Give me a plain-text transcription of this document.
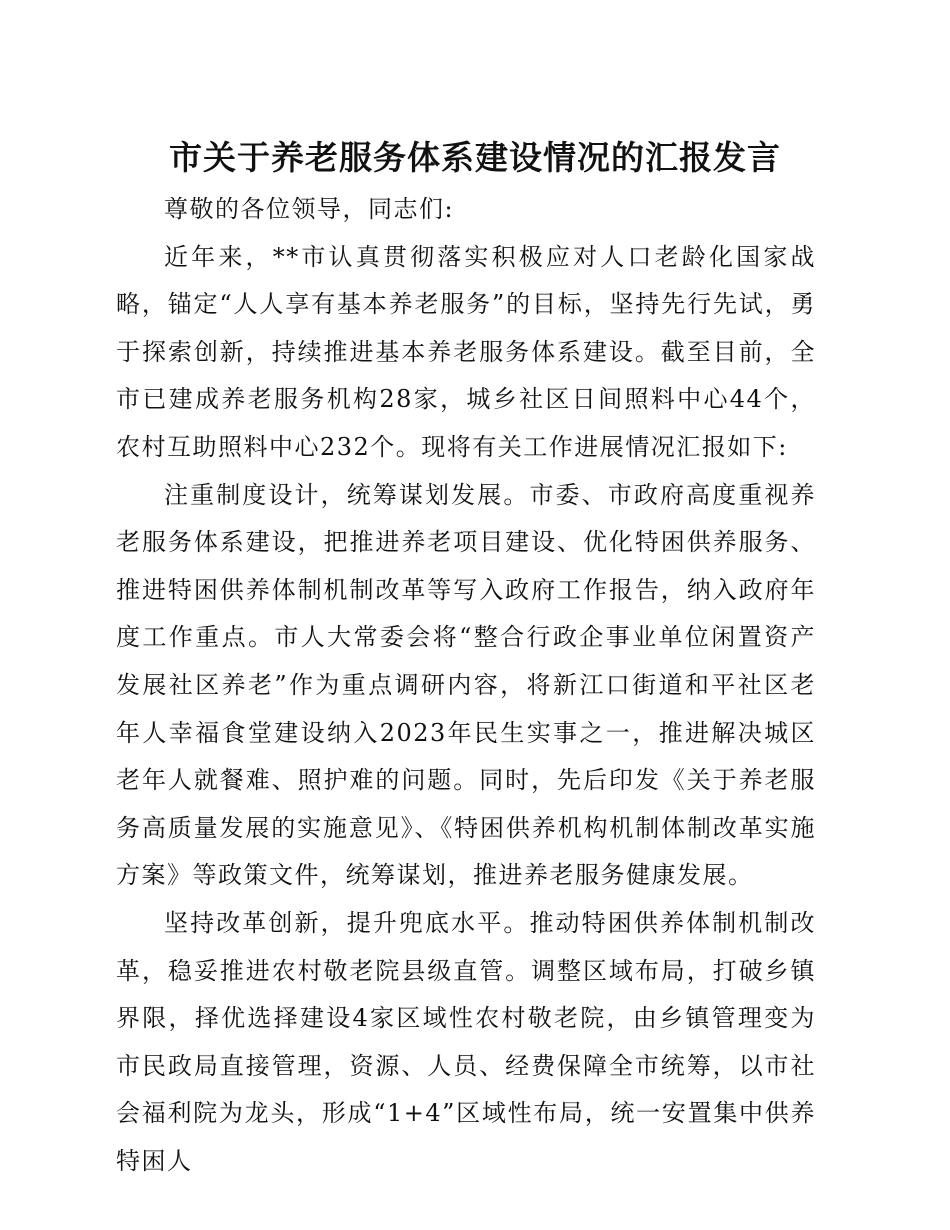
市关于养老服务体系建设情况的汇报发言

尊敬的各位领导，同志们:

近年来，**市认真贯彻落实积极应对人口老龄化国家战略，锚定“人人享有基本养老服务”的目标，坚持先行先试，勇于探索创新，持续推进基本养老服务体系建设。截至目前，全市已建成养老服务机构28家，城乡社区日间照料中心44个，农村互助照料中心232个。现将有关工作进展情况汇报如下:

注重制度设计，统筹谋划发展。市委、市政府高度重视养老服务体系建设，把推进养老项目建设、优化特困供养服务、推进特困供养体制机制改革等写入政府工作报告，纳入政府年度工作重点。市人大常委会将“整合行政企事业单位闲置资产发展社区养老”作为重点调研内容，将新江口街道和平社区老年人幸福食堂建设纳入2023年民生实事之一，推进解决城区老年人就餐难、照护难的问题。同时，先后印发《关于养老服务高质量发展的实施意见》、《特困供养机构机制体制改革实施方案》等政策文件，统筹谋划，推进养老服务健康发展。

坚持改革创新，提升兜底水平。推动特困供养体制机制改革，稳妥推进农村敬老院县级直管。调整区域布局，打破乡镇界限，择优选择建设4家区域性农村敬老院，由乡镇管理变为市民政局直接管理，资源、人员、经费保障全市统筹，以市社会福利院为龙头，形成“1+4”区域性布局，统一安置集中供养特困人
